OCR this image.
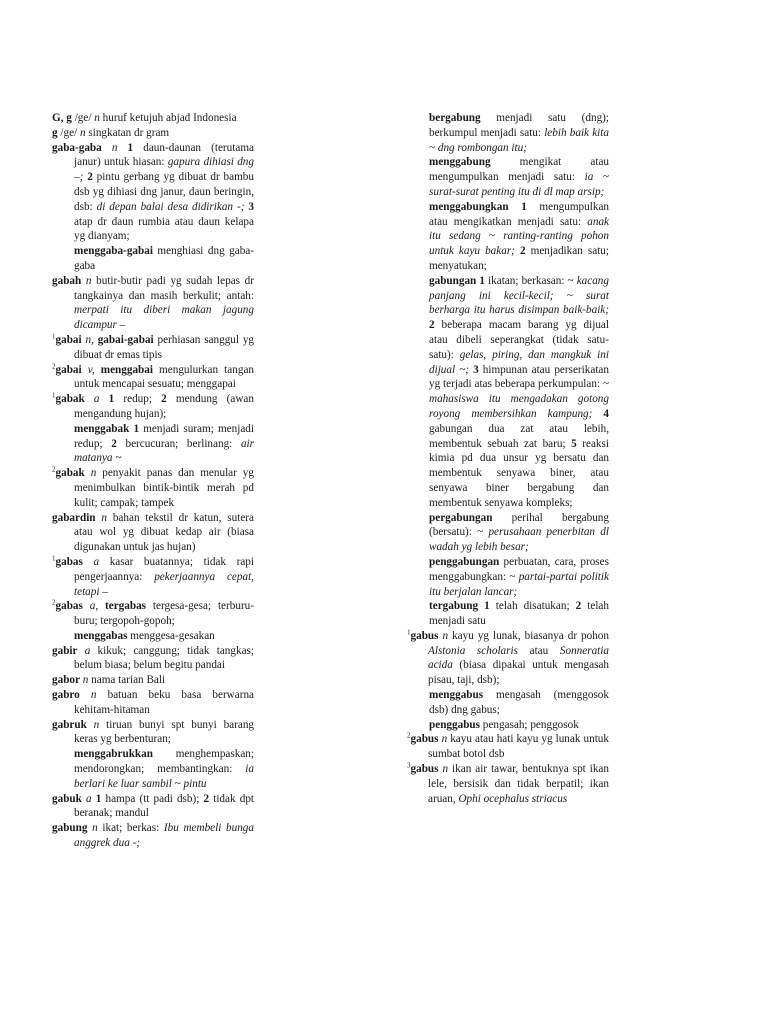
G, g /ge/ n huruf ketujuh abjad Indonesia

g /ge/ n singkatan dr gram

gaba-gaba n 1 daun-daunan (terutama janur) untuk hiasan: gapura dihiasi dng –; 2 pintu gerbang yg dibuat dr bambu dsb yg dihiasi dng janur, daun beringin, dsb: di depan balai desa didirikan -; 3 atap dr daun rumbia atau daun kelapa yg dianyam;

menggaba-gabai menghiasi dng gaba-gaba

gabah n butir-butir padi yg sudah lepas dr tangkainya dan masih berkulit; antah: merpati itu diberi makan jagung dicampur –

$^1$gabai n, gabai-gabai perhiasan sanggul yg dibuat dr emas tipis

$^2$gabai v, menggabai mengulurkan tangan untuk mencapai sesuatu; menggapai

$^1$gabak a 1 redup; 2 mendung (awan mengandung hujan);

menggabak 1 menjadi suram; menjadi redup; 2 bercucuran; berlinang: air matanya ~

$^2$gabak n penyakit panas dan menular yg menimbulkan bintik-bintik merah pd kulit; campak; tampek

gabardin n bahan tekstil dr katun, sutera atau wol yg dibuat kedap air (biasa digunakan untuk jas hujan)

$^1$gabas a kasar buatannya; tidak rapi pengerjaannya: pekerjaannya cepat, tetapi –

$^2$gabas a, tergabas tergesa-gesa; terburu-buru; tergopoh-gopoh;

menggabas menggesa-gesakan

gabir a kikuk; canggung; tidak tangkas; belum biasa; belum begitu pandai

gabor n nama tarian Bali

gabro n batuan beku basa berwarna kehitam-hitaman

gabruk n tiruan bunyi spt bunyi barang keras yg berbenturan;

menggabrukkan menghempaskan; mendorongkan; membantingkan: ia berlari ke luar sambil ~ pintu

gabuk a 1 hampa (tt padi dsb); 2 tidak dpt beranak; mandul

gabung n ikat; berkas: Ibu membeli bunga anggrek dua -;

bergabung menjadi satu (dng); berkumpul menjadi satu: lebih baik kita ~ dng rombongan itu;

menggabung mengikat atau mengumpulkan menjadi satu: ia ~ surat-surat penting itu di dl map arsip;

menggabungkan 1 mengumpulkan atau mengikatkan menjadi satu: anak itu sedang ~ ranting-ranting pohon untuk kayu bakar; 2 menjadikan satu; menyatukan;

gabungan 1 ikatan; berkasan: ~ kacang panjang ini kecil-kecil; ~ surat berharga itu harus disimpan baik-baik; 2 beberapa macam barang yg dijual atau dibeli seperangkat (tidak satu-satu): gelas, piring, dan mangkuk ini dijual ~; 3 himpunan atau perserikatan yg terjadi atas beberapa perkumpulan: ~ mahasiswa itu mengadakan gotong royong membersihkan kampung; 4 gabungan dua zat atau lebih, membentuk sebuah zat baru; 5 reaksi kimia pd dua unsur yg bersatu dan membentuk senyawa biner, atau senyawa biner bergabung dan membentuk senyawa kompleks;

pergabungan perihal bergabung (bersatu): ~ perusahaan penerbitan dl wadah yg lebih besar;

penggabungan perbuatan, cara, proses menggabungkan: ~ partai-partai politik itu berjalan lancar;

tergabung 1 telah disatukan; 2 telah menjadi satu

$^1$gabus n kayu yg lunak, biasanya dr pohon Alstonia scholaris atau Sonneratia acida (biasa dipakai untuk mengasah pisau, taji, dsb);

menggabus mengasah (menggosok dsb) dng gabus;

penggabus pengasah; penggosok

$^2$gabus n kayu atau hati kayu yg lunak untuk sumbat botol dsb

$^3$gabus n ikan air tawar, bentuknya spt ikan lele, bersisik dan tidak berpatil; ikan aruan, Ophi ocephalus striacus
